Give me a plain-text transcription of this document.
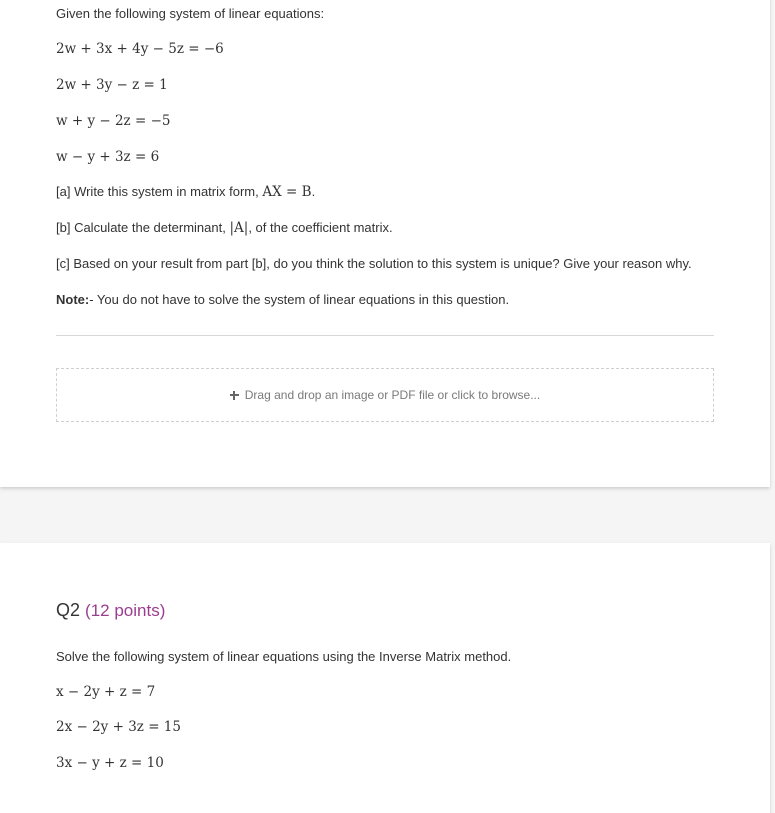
Given the following system of linear equations:
2w + 3x + 4y − 5z = −6
2w + 3y − z = 1
w + y − 2z = −5
w − y + 3z = 6
[a] Write this system in matrix form, AX = B.
[b] Calculate the determinant, |A|, of the coefficient matrix.
[c] Based on your result from part [b], do you think the solution to this system is unique? Give your reason why.
Note:- You do not have to solve the system of linear equations in this question.
Drag and drop an image or PDF file or click to browse...
Q2 (12 points)
Solve the following system of linear equations using the Inverse Matrix method.
x − 2y + z = 7
2x − 2y + 3z = 15
3x − y + z = 10
